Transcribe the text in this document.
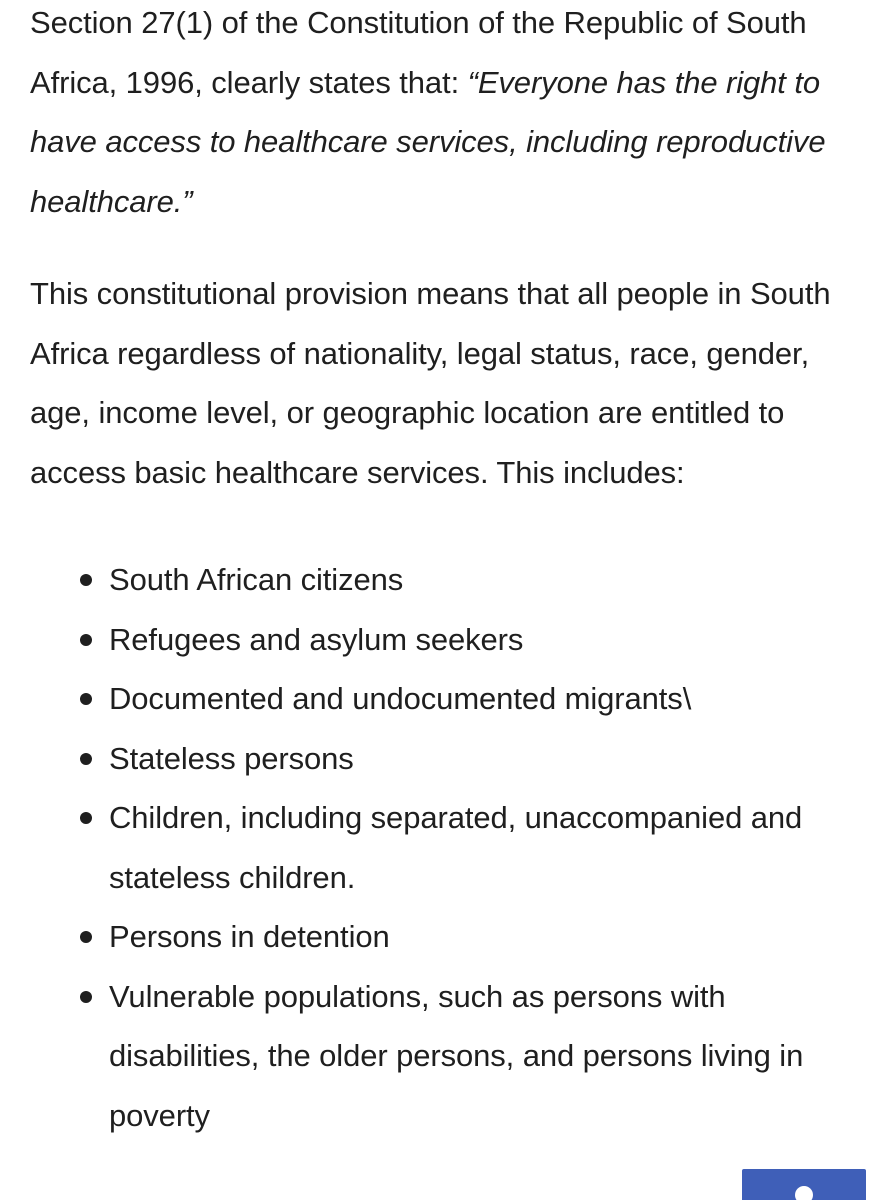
Section 27(1) of the Constitution of the Republic of South Africa, 1996, clearly states that: “Everyone has the right to have access to healthcare services, including reproductive healthcare.”

This constitutional provision means that all people in South Africa regardless of nationality, legal status, race, gender, age, income level, or geographic location are entitled to access basic healthcare services. This includes:

South African citizens
Refugees and asylum seekers
Documented and undocumented migrants\
Stateless persons
Children, including separated, unaccompanied and stateless children.
Persons in detention
Vulnerable populations, such as persons with disabilities, the older persons, and persons living in poverty
